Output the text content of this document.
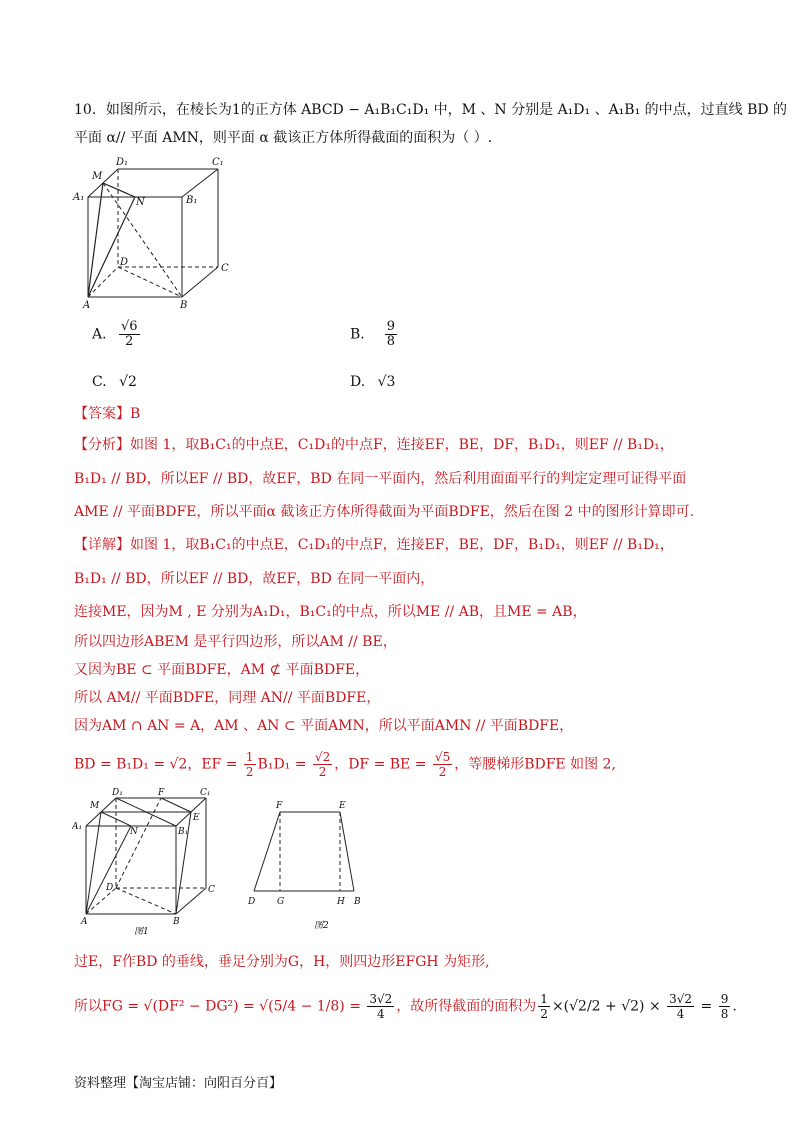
10．如图所示，在棱长为1的正方体 ABCD − A₁B₁C₁D₁ 中，M 、N 分别是 A₁D₁ 、A₁B₁ 的中点，过直线 BD 的
平面 α// 平面 AMN，则平面 α 截该正方体所得截面的面积为（ ）.
D₁	C₁
M
A₁	N	B₁
D
C
A	B
A. $\frac{√6}{2}$	B． $\frac{9}{8}$
C. √2	D. √3
【答案】B
【分析】如图 1，取B₁C₁的中点E，C₁D₁的中点F，连接EF，BE，DF，B₁D₁，则EF // B₁D₁，
B₁D₁ // BD，所以EF // BD，故EF，BD 在同一平面内，然后利用面面平行的判定定理可证得平面
AME // 平面BDFE，所以平面α 截该正方体所得截面为平面BDFE，然后在图 2 中的图形计算即可.
【详解】如图 1，取B₁C₁的中点E，C₁D₁的中点F，连接EF，BE，DF，B₁D₁，则EF // B₁D₁，
B₁D₁ // BD，所以EF // BD，故EF，BD 在同一平面内，
连接ME，因为M , E 分别为A₁D₁，B₁C₁的中点，所以ME // AB，且ME = AB，
所以四边形ABEM 是平行四边形，所以AM // BE，
又因为BE ⊂ 平面BDFE，AM ⊄ 平面BDFE，
所以 AM// 平面BDFE，同理 AN// 平面BDFE，
因为AM ∩ AN = A，AM 、AN ⊂ 平面AMN，所以平面AMN // 平面BDFE，
BD = B₁D₁ = √2，EF = $\frac{1}{2} B_1D_1 = \frac{√2}{2}$ ，DF = BE = $\frac{√5}{2}$ ，等腰梯形BDFE 如图 2,
M
D₁	F	C₁
A₁	N	B₁
E
D	C
A	B
图1
F	E
D G	H B
图2
过E，F作BD 的垂线，垂足分别为G，H，则四边形EFGH 为矩形,
所以FG = $√(DF^2 - DG^2) = √(5/4 - 1/8) = \frac{3√2}{4}$ ，故所得截面的面积为 $\frac{1}{2} \times(√2/2 + √2) \times \frac{3√2}{4} = \frac{9}{8}$ .
资料整理【淘宝店铺：向阳百分百】
